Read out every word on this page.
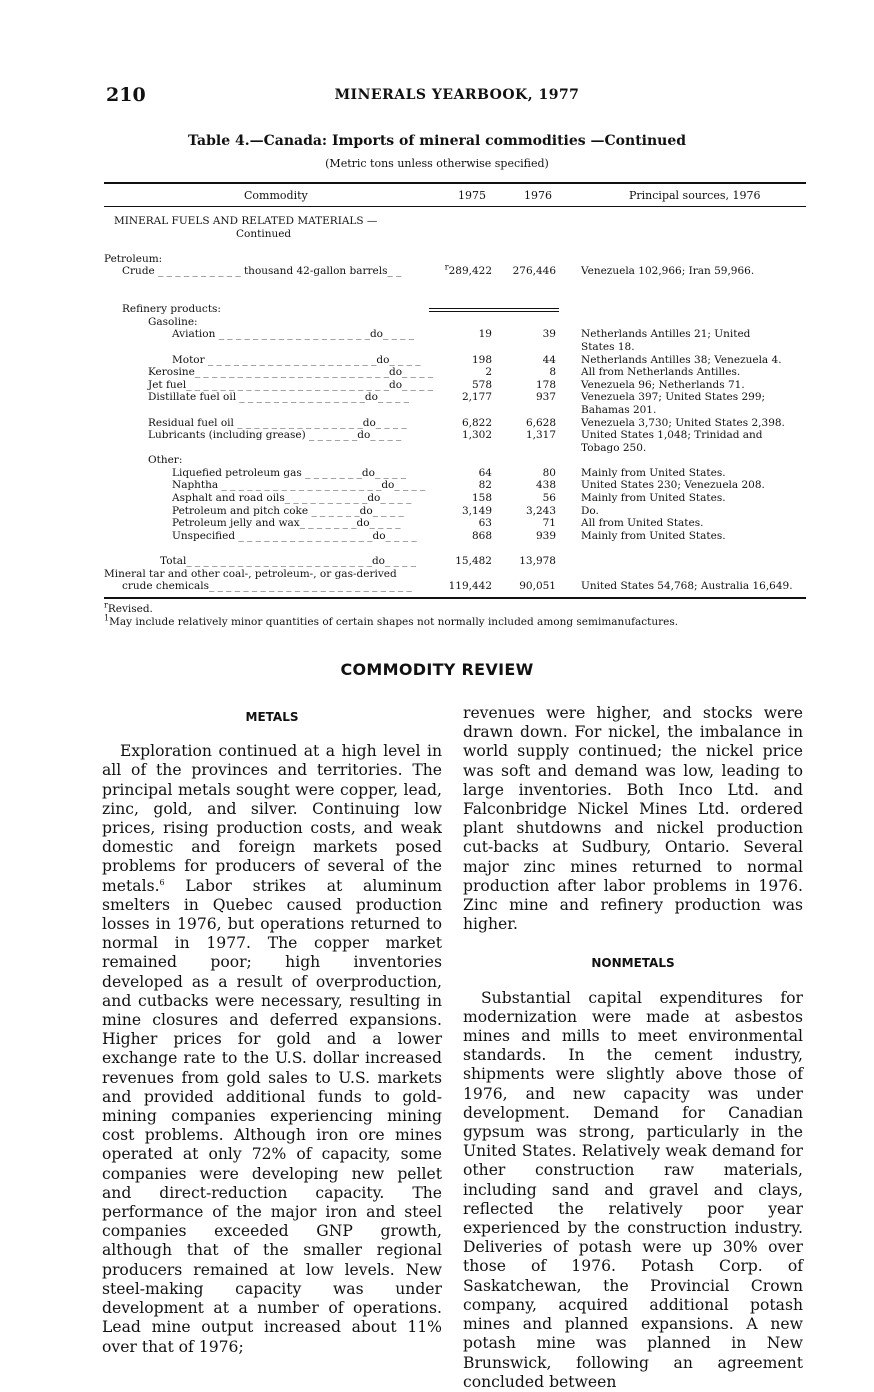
210	MINERALS YEARBOOK, 1977
Table 4.—Canada: Imports of mineral commodities —Continued
(Metric tons unless otherwise specified)
Commodity	1975	1976	Principal sources, 1976
MINERAL FUELS AND RELATED MATERIALS —
Continued
Petroleum:
Crude _ _ _ _ _ _ _ _ _ _ thousand 42-gallon barrels_ _	$^r$289,422	276,446 Venezuela 102,966; Iran 59,966.
Refinery products:
Gasoline:
Aviation _ _ _ _ _ _ _ _ _ _ _ _ _ _ _ _ _ _do_ _ _ _	19	39 Netherlands Antilles 21; United
States 18.
Motor _ _ _ _ _ _ _ _ _ _ _ _ _ _ _ _ _ _ _ _do_ _ _ _	198	44 Netherlands Antilles 38; Venezuela 4.
Kerosine_ _ _ _ _ _ _ _ _ _ _ _ _ _ _ _ _ _ _ _ _ _ _do_ _ _ _	2	8 All from Netherlands Antilles.
Jet fuel_ _ _ _ _ _ _ _ _ _ _ _ _ _ _ _ _ _ _ _ _ _ _ _do_ _ _ _	578	178 Venezuela 96; Netherlands 71.
Distillate fuel oil _ _ _ _ _ _ _ _ _ _ _ _ _ _ _do_ _ _ _	2,177	937 Venezuela 397; United States 299;
Bahamas 201.
Residual fuel oil _ _ _ _ _ _ _ _ _ _ _ _ _ _ _do_ _ _ _	6,822	6,628 Venezuela 3,730; United States 2,398.
Lubricants (including grease) _ _ _ _ _ _do_ _ _ _	1,302	1,317 United States 1,048; Trinidad and
Tobago 250.
Other:
Liquefied petroleum gas _ _ _ _ _ _ _do_ _ _ _	64	80 Mainly from United States.
Naphtha _ _ _ _ _ _ _ _ _ _ _ _ _ _ _ _ _ _ _do_ _ _ _	82	438 United States 230; Venezuela 208.
Asphalt and road oils_ _ _ _ _ _ _ _ _ _do_ _ _ _	158	56 Mainly from United States.
Petroleum and pitch coke _ _ _ _ _ _do_ _ _ _	3,149	3,243 Do.
Petroleum jelly and wax_ _ _ _ _ _ _do_ _ _ _	63	71 All from United States.
Unspecified _ _ _ _ _ _ _ _ _ _ _ _ _ _ _ _do_ _ _ _	868	939 Mainly from United States.
Total_ _ _ _ _ _ _ _ _ _ _ _ _ _ _ _ _ _ _ _ _ _do_ _ _ _	15,482	13,978
Mineral tar and other coal-, petroleum-, or gas-derived
crude chemicals_ _ _ _ _ _ _ _ _ _ _ _ _ _ _ _ _ _ _ _ _ _ _ _	119,442	90,051 United States 54,768; Australia 16,649.
$^r$Revised.
$^1$May include relatively minor quantities of certain shapes not normally included among semimanufactures.
COMMODITY REVIEW
METALS

Exploration continued at a high level in all of the provinces and territories. The principal metals sought were copper, lead, zinc, gold, and silver. Continuing low prices, rising production costs, and weak domestic and foreign markets posed problems for producers of several of the metals.$^6$ Labor strikes at aluminum smelters in Quebec caused production losses in 1976, but operations returned to normal in 1977. The copper market remained poor; high inventories developed as a result of overproduction, and cutbacks were necessary, resulting in mine closures and deferred expansions. Higher prices for gold and a lower exchange rate to the U.S. dollar increased revenues from gold sales to U.S. markets and provided additional funds to gold-mining companies experiencing mining cost problems. Although iron ore mines operated at only 72% of capacity, some companies were developing new pellet and direct-reduction capacity. The performance of the major iron and steel companies exceeded GNP growth, although that of the smaller regional producers remained at low levels. New steel-making capacity was under development at a number of operations. Lead mine output increased about 11% over that of 1976;

revenues were higher, and stocks were drawn down. For nickel, the imbalance in world supply continued; the nickel price was soft and demand was low, leading to large inventories. Both Inco Ltd. and Falconbridge Nickel Mines Ltd. ordered plant shutdowns and nickel production cut-backs at Sudbury, Ontario. Several major zinc mines returned to normal production after labor problems in 1976. Zinc mine and refinery production was higher.

NONMETALS

Substantial capital expenditures for modernization were made at asbestos mines and mills to meet environmental standards. In the cement industry, shipments were slightly above those of 1976, and new capacity was under development. Demand for Canadian gypsum was strong, particularly in the United States. Relatively weak demand for other construction raw materials, including sand and gravel and clays, reflected the relatively poor year experienced by the construction industry. Deliveries of potash were up 30% over those of 1976. Potash Corp. of Saskatchewan, the Provincial Crown company, acquired additional potash mines and planned expansions. A new potash mine was planned in New Brunswick, following an agreement concluded between
